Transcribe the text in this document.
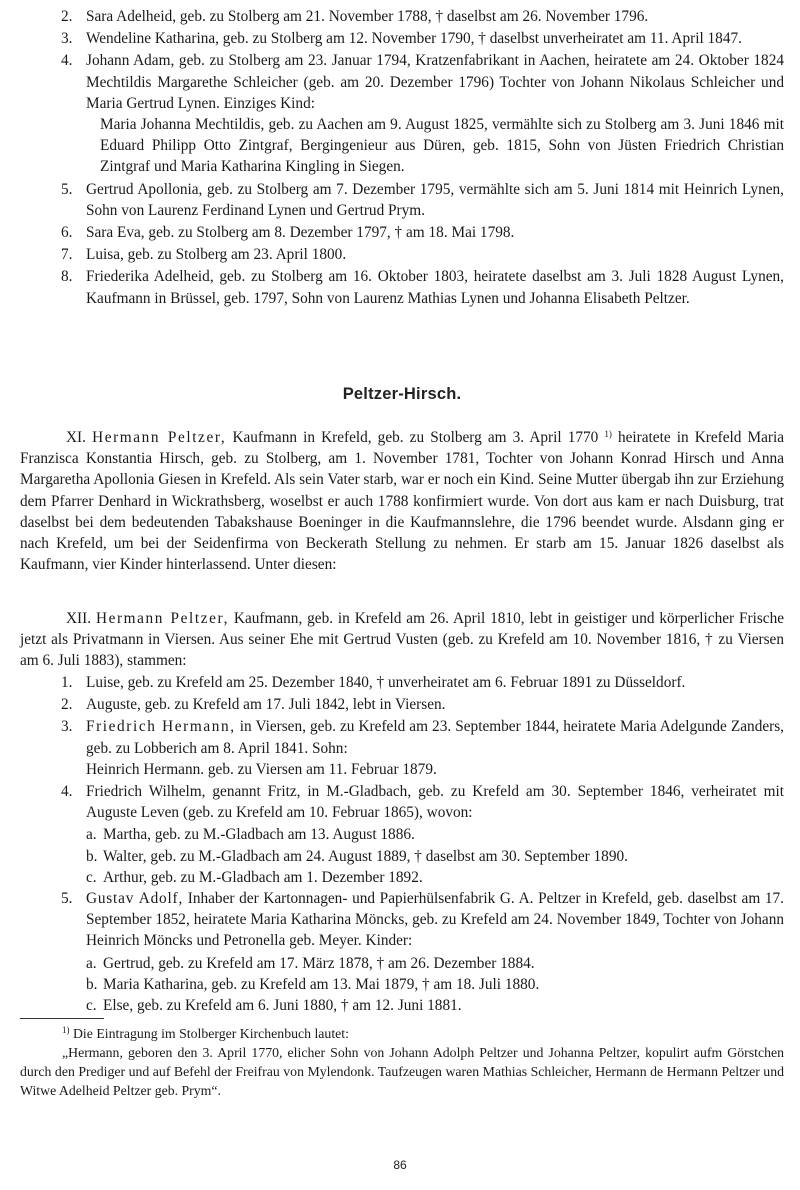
2. Sara Adelheid, geb. zu Stolberg am 21. November 1788, † daselbst am 26. November 1796.
3. Wendeline Katharina, geb. zu Stolberg am 12. November 1790, † daselbst unverheiratet am 11. April 1847.
4. Johann Adam, geb. zu Stolberg am 23. Januar 1794, Kratzenfabrikant in Aachen, heiratete am 24. Oktober 1824 Mechtildis Margarethe Schleicher (geb. am 20. Dezember 1796) Tochter von Johann Nikolaus Schleicher und Maria Gertrud Lynen. Einziges Kind:
Maria Johanna Mechtildis, geb. zu Aachen am 9. August 1825, vermählte sich zu Stolberg am 3. Juni 1846 mit Eduard Philipp Otto Zintgraf, Bergingenieur aus Düren, geb. 1815, Sohn von Jüsten Friedrich Christian Zintgraf und Maria Katharina Kingling in Siegen.
5. Gertrud Apollonia, geb. zu Stolberg am 7. Dezember 1795, vermählte sich am 5. Juni 1814 mit Heinrich Lynen, Sohn von Laurenz Ferdinand Lynen und Gertrud Prym.
6. Sara Eva, geb. zu Stolberg am 8. Dezember 1797, † am 18. Mai 1798.
7. Luisa, geb. zu Stolberg am 23. April 1800.
8. Friederika Adelheid, geb. zu Stolberg am 16. Oktober 1803, heiratete daselbst am 3. Juli 1828 August Lynen, Kaufmann in Brüssel, geb. 1797, Sohn von Laurenz Mathias Lynen und Johanna Elisabeth Peltzer.
Peltzer-Hirsch.
XI. Hermann Peltzer, Kaufmann in Krefeld, geb. zu Stolberg am 3. April 1770 $^{1)}$ heiratete in Krefeld Maria Franzisca Konstantia Hirsch, geb. zu Stolberg, am 1. November 1781, Tochter von Johann Konrad Hirsch und Anna Margaretha Apollonia Giesen in Krefeld. Als sein Vater starb, war er noch ein Kind. Seine Mutter übergab ihn zur Erziehung dem Pfarrer Denhard in Wickrathsberg, woselbst er auch 1788 konfirmiert wurde. Von dort aus kam er nach Duisburg, trat daselbst bei dem bedeutenden Tabakshause Boeninger in die Kaufmannslehre, die 1796 beendet wurde. Alsdann ging er nach Krefeld, um bei der Seidenfirma von Beckerath Stellung zu nehmen. Er starb am 15. Januar 1826 daselbst als Kaufmann, vier Kinder hinterlassend. Unter diesen:
XII. Hermann Peltzer, Kaufmann, geb. in Krefeld am 26. April 1810, lebt in geistiger und körperlicher Frische jetzt als Privatmann in Viersen. Aus seiner Ehe mit Gertrud Vusten (geb. zu Krefeld am 10. November 1816, † zu Viersen am 6. Juli 1883), stammen:
1. Luise, geb. zu Krefeld am 25. Dezember 1840, † unverheiratet am 6. Februar 1891 zu Düsseldorf.
2. Auguste, geb. zu Krefeld am 17. Juli 1842, lebt in Viersen.
3. Friedrich Hermann, in Viersen, geb. zu Krefeld am 23. September 1844, heiratete Maria Adelgunde Zanders, geb. zu Lobberich am 8. April 1841. Sohn:
Heinrich Hermann. geb. zu Viersen am 11. Februar 1879.
4. Friedrich Wilhelm, genannt Fritz, in M.-Gladbach, geb. zu Krefeld am 30. September 1846, verheiratet mit Auguste Leven (geb. zu Krefeld am 10. Februar 1865), wovon:
a. Martha, geb. zu M.-Gladbach am 13. August 1886.
b. Walter, geb. zu M.-Gladbach am 24. August 1889, † daselbst am 30. September 1890.
c. Arthur, geb. zu M.-Gladbach am 1. Dezember 1892.
5. Gustav Adolf, Inhaber der Kartonnagen- und Papierhülsenfabrik G. A. Peltzer in Krefeld, geb. daselbst am 17. September 1852, heiratete Maria Katharina Möncks, geb. zu Krefeld am 24. November 1849, Tochter von Johann Heinrich Möncks und Petronella geb. Meyer. Kinder:
a. Gertrud, geb. zu Krefeld am 17. März 1878, † am 26. Dezember 1884.
b. Maria Katharina, geb. zu Krefeld am 13. Mai 1879, † am 18. Juli 1880.
c. Else, geb. zu Krefeld am 6. Juni 1880, † am 12. Juni 1881.
$^{1)}$ Die Eintragung im Stolberger Kirchenbuch lautet:
„Hermann, geboren den 3. April 1770, elicher Sohn von Johann Adolph Peltzer und Johanna Peltzer, kopulirt aufm Görstchen durch den Prediger und auf Befehl der Freifrau von Mylendonk. Taufzeugen waren Mathias Schleicher, Hermann de Hermann Peltzer und Witwe Adelheid Peltzer geb. Prym“.
86
